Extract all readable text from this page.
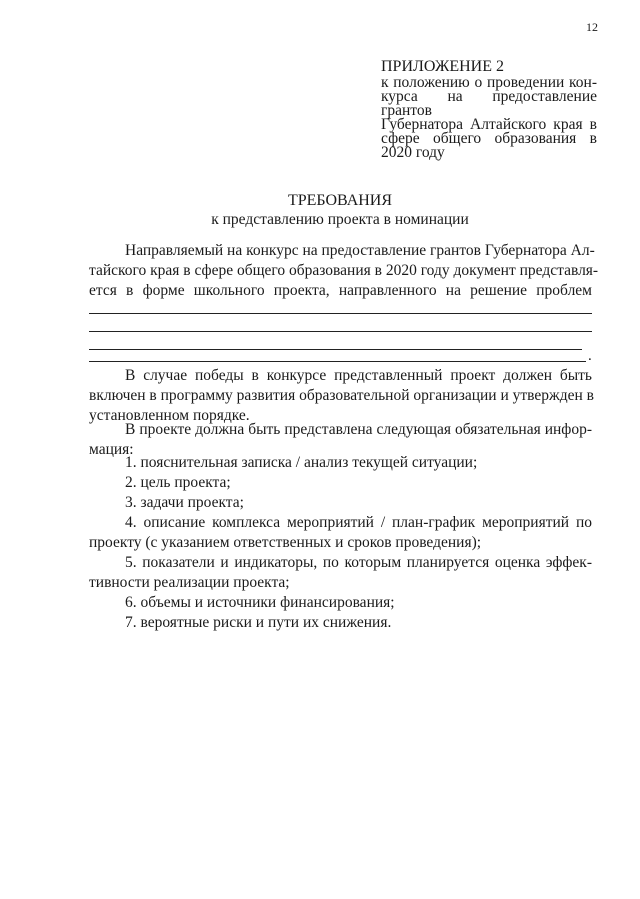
12
ПРИЛОЖЕНИЕ 2
к положению о проведении кон-
курса на предоставление грантов
Губернатора Алтайского края в
сфере общего образования в
2020 году
ТРЕБОВАНИЯ
к представлению проекта в номинации
Направляемый на конкурс на предоставление грантов Губернатора Ал-
тайского края в сфере общего образования в 2020 году документ представля-
ется в форме школьного проекта, направленного на решение проблем
.
В случае победы в конкурсе представленный проект должен быть
включен в программу развития образовательной организации и утвержден в
установленном порядке.
В проекте должна быть представлена следующая обязательная инфор-
мация:
1. пояснительная записка / анализ текущей ситуации;
2. цель проекта;
3. задачи проекта;
4. описание комплекса мероприятий / план-график мероприятий по
проекту (с указанием ответственных и сроков проведения);
5. показатели и индикаторы, по которым планируется оценка эффек-
тивности реализации проекта;
6. объемы и источники финансирования;
7. вероятные риски и пути их снижения.
